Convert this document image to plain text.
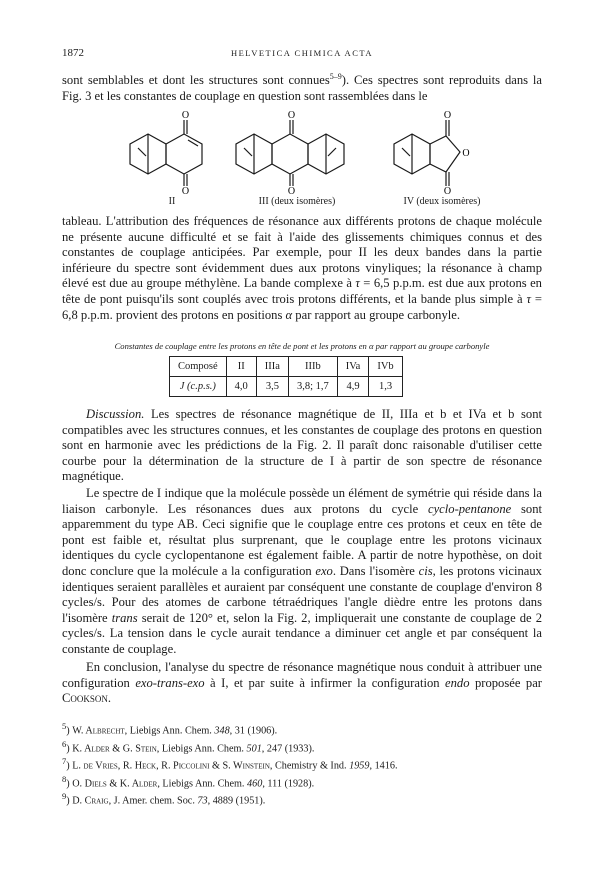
1872	HELVETICA CHIMICA ACTA

sont semblables et dont les structures sont connues$^{5-9}$). Ces spectres sont reproduits dans la Fig. 3 et les constantes de couplage en question sont rassemblées dans le

O
O
II
O
O
III (deux isomères)
O
O
O
IV (deux isomères)

tableau. L'attribution des fréquences de résonance aux différents protons de chaque molécule ne présente aucune difficulté et se fait à l'aide des glissements chimiques connus et des constantes de couplage anticipées. Par exemple, pour II les deux bandes dans la partie inférieure du spectre sont évidemment dues aux protons vinyliques; la résonance à champ élevé est due au groupe méthylène. La bande complexe à τ = 6,5 p.p.m. est due aux protons en tête de pont puisqu'ils sont couplés avec trois protons différents, et la bande plus simple à τ = 6,8 p.p.m. provient des protons en positions α par rapport au groupe carbonyle.

Constantes de couplage entre les protons en tête de pont et les protons en α par rapport au groupe carbonyle
Composé	II	IIIa	IIIb	IVa	IVb
J (c.p.s.)	4,0	3,5	3,8; 1,7	4,9	1,3

Discussion. Les spectres de résonance magnétique de II, IIIa et b et IVa et b sont compatibles avec les structures connues, et les constantes de couplage des protons en question sont en harmonie avec les prédictions de la Fig. 2. Il paraît donc raisonable d'utiliser cette courbe pour la détermination de la structure de I à partir de son spectre de résonance magnétique.

Le spectre de I indique que la molécule possède un élément de symétrie qui réside dans la liaison carbonyle. Les résonances dues aux protons du cycle cyclo-pentanone sont apparemment du type AB. Ceci signifie que le couplage entre ces protons et ceux en tête de pont est faible et, résultat plus surprenant, que le couplage entre les protons vicinaux identiques du cycle cyclopentanone est également faible. A partir de notre hypothèse, on doit donc conclure que la molécule a la configuration exo. Dans l'isomère cis, les protons vicinaux identiques seraient parallèles et auraient par conséquent une constante de couplage d'environ 8 cycles/s. Pour des atomes de carbone tétraédriques l'angle dièdre entre les protons dans l'isomère trans serait de 120° et, selon la Fig. 2, impliquerait une constante de couplage de 2 cycles/s. La tension dans le cycle aurait tendance a diminuer cet angle et par conséquent la constante de couplage.

En conclusion, l'analyse du spectre de résonance magnétique nous conduit à attribuer une configuration exo-trans-exo à I, et par suite à infirmer la configuration endo proposée par Cookson.

$^5$) W. Albrecht, Liebigs Ann. Chem. 348, 31 (1906).
$^6$) K. Alder & G. Stein, Liebigs Ann. Chem. 501, 247 (1933).
$^7$) L. de Vries, R. Heck, R. Piccolini & S. Winstein, Chemistry & Ind. 1959, 1416.
$^8$) O. Diels & K. Alder, Liebigs Ann. Chem. 460, 111 (1928).
$^9$) D. Craig, J. Amer. chem. Soc. 73, 4889 (1951).
